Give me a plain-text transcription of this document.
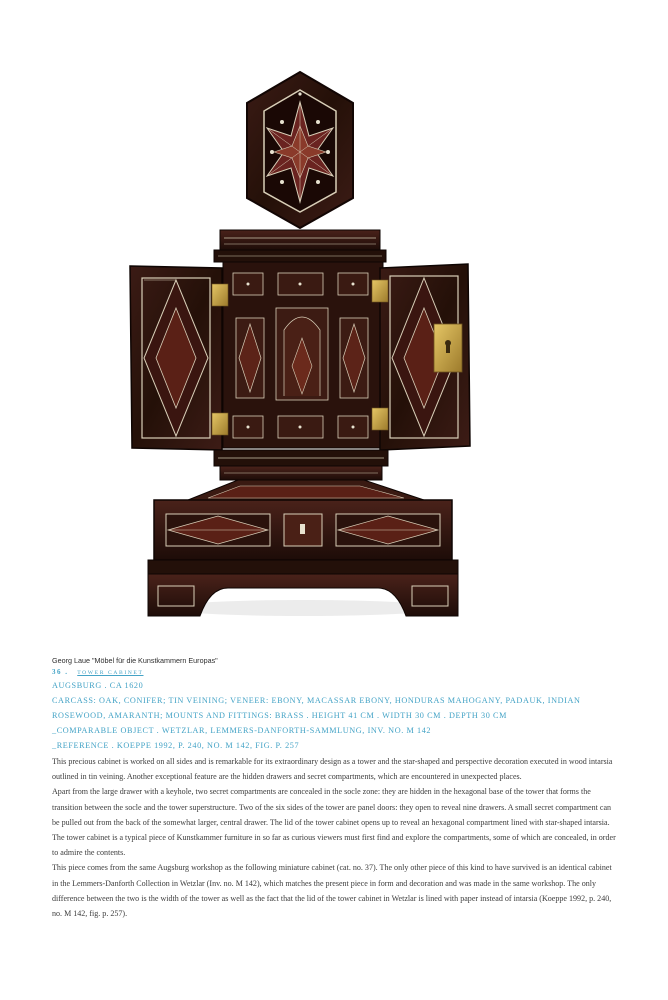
Georg Laue "Möbel für die Kunstkammern Europas"
36 . TOWER CABINET

AUGSBURG . CA 1620

CARCASS: OAK, CONIFER; TIN VEINING; VENEER: EBONY, MACASSAR EBONY, HONDURAS MAHOGANY, PADAUK, INDIAN

ROSEWOOD, AMARANTH; MOUNTS AND FITTINGS: BRASS . HEIGHT 41 CM . WIDTH 30 CM . DEPTH 30 CM

_COMPARABLE OBJECT . WETZLAR, LEMMERS-DANFORTH-SAMMLUNG, INV. NO. M 142

_REFERENCE . KOEPPE 1992, P. 240, NO. M 142, FIG. P. 257

This precious cabinet is worked on all sides and is remarkable for its extraordinary design as a tower and the star-shaped and perspective decoration executed in wood intarsia outlined in tin veining. Another exceptional feature are the hidden drawers and secret compartments, which are encountered in unexpected places.

Apart from the large drawer with a keyhole, two secret compartments are concealed in the socle zone: they are hidden in the hexagonal base of the tower that forms the transition between the socle and the tower superstructure. Two of the six sides of the tower are panel doors: they open to reveal nine drawers. A small secret compartment can be pulled out from the back of the somewhat larger, central drawer. The lid of the tower cabinet opens up to reveal an hexagonal compartment lined with star-shaped intarsia.

The tower cabinet is a typical piece of Kunstkammer furniture in so far as curious viewers must first find and explore the compartments, some of which are concealed, in order to admire the contents.

This piece comes from the same Augsburg workshop as the following miniature cabinet (cat. no. 37). The only other piece of this kind to have survived is an identical cabinet in the Lemmers-Danforth Collection in Wetzlar (Inv. no. M 142), which matches the present piece in form and decoration and was made in the same workshop. The only difference between the two is the width of the tower as well as the fact that the lid of the tower cabinet in Wetzlar is lined with paper instead of intarsia (Koeppe 1992, p. 240, no. M 142, fig. p. 257).
